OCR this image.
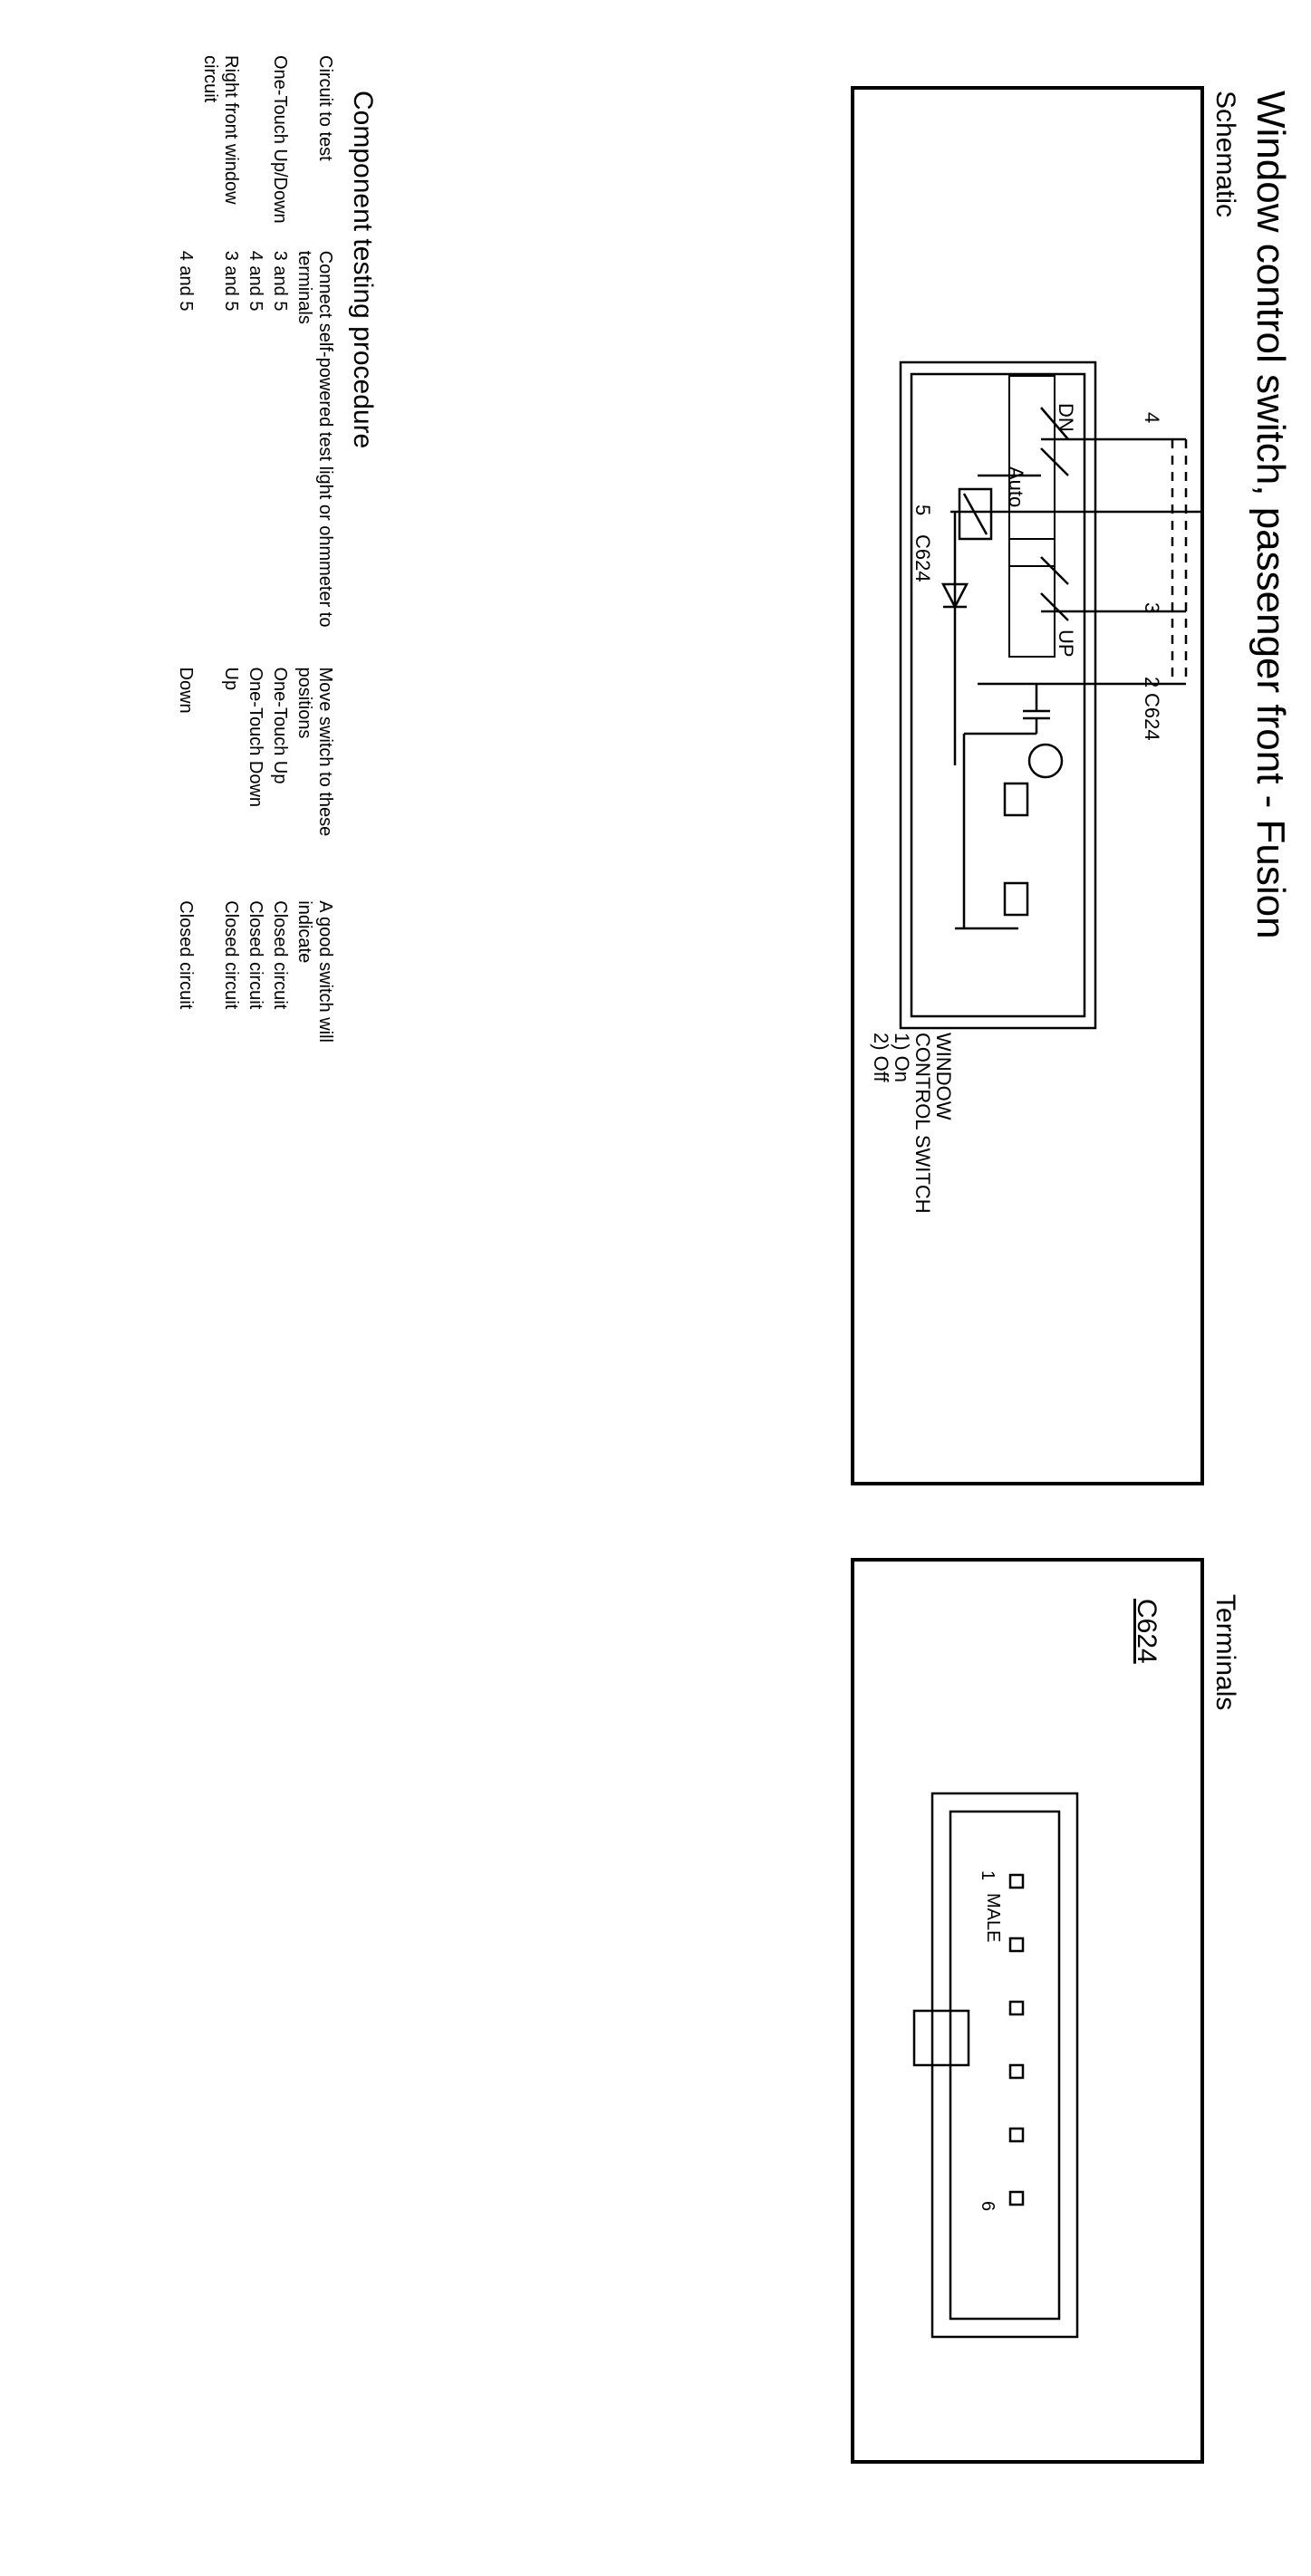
Window control switch, passenger front - Fusion
Schematic
Terminals
4
5
3
2
C624
C624
DN
UP
Auto
WINDOW
CONTROL SWITCH
1) On
2) Off
C624
MALE
1
6
Component testing procedure
Circuit to test	Connect self-powered test light or ohmmeter to terminals	Move switch to these positions	A good switch will indicate
One-Touch Up/Down	3 and 5	One-Touch Up	Closed circuit
	4 and 5	One-Touch Down	Closed circuit
Right front window circuit	3 and 5	Up	Closed circuit
	4 and 5	Down	Closed circuit
